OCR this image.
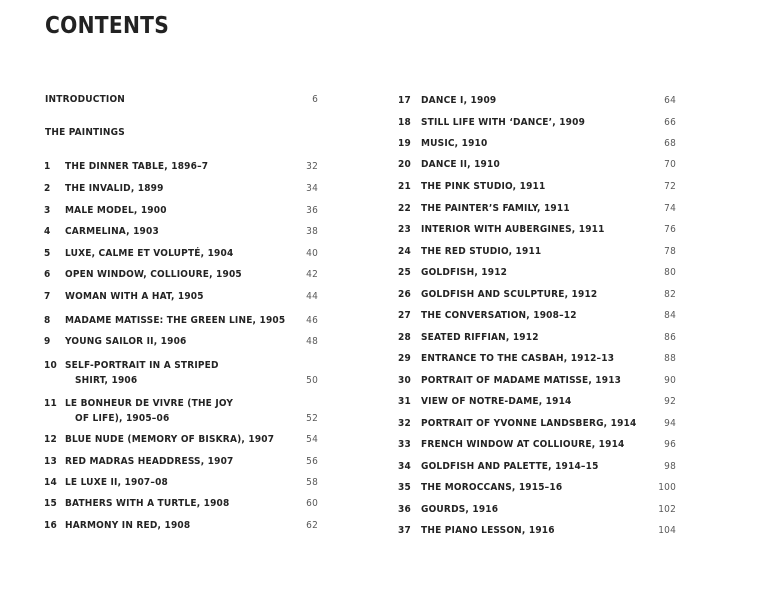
CONTENTS
INTRODUCTION	6
THE PAINTINGS
1	THE DINNER TABLE, 1896–7	32
2	THE INVALID, 1899	34
3	MALE MODEL, 1900	36
4	CARMELINA, 1903	38
5	LUXE, CALME ET VOLUPTÉ, 1904	40
6	OPEN WINDOW, COLLIOURE, 1905	42
7	WOMAN WITH A HAT, 1905	44
8	MADAME MATISSE: THE GREEN LINE, 1905	46
9	YOUNG SAILOR II, 1906	48
10 SELF-PORTRAIT IN A STRIPED
SHIRT, 1906	50
11 LE BONHEUR DE VIVRE (THE JOY
OF LIFE), 1905–06	52
12 BLUE NUDE (MEMORY OF BISKRA), 1907	54
13 RED MADRAS HEADDRESS, 1907	56
14 LE LUXE II, 1907–08	58
15 BATHERS WITH A TURTLE, 1908	60
16 HARMONY IN RED, 1908	62
17	DANCE I, 1909	64
18	STILL LIFE WITH ‘DANCE’, 1909	66
19	MUSIC, 1910	68
20	DANCE II, 1910	70
21	THE PINK STUDIO, 1911	72
22	THE PAINTER’S FAMILY, 1911	74
23	INTERIOR WITH AUBERGINES, 1911	76
24	THE RED STUDIO, 1911	78
25	GOLDFISH, 1912	80
26	GOLDFISH AND SCULPTURE, 1912	82
27	THE CONVERSATION, 1908–12	84
28	SEATED RIFFIAN, 1912	86
29	ENTRANCE TO THE CASBAH, 1912–13	88
30	PORTRAIT OF MADAME MATISSE, 1913	90
31	VIEW OF NOTRE-DAME, 1914	92
32	PORTRAIT OF YVONNE LANDSBERG, 1914	94
33	FRENCH WINDOW AT COLLIOURE, 1914	96
34	GOLDFISH AND PALETTE, 1914–15	98
35	THE MOROCCANS, 1915–16	100
36	GOURDS, 1916	102
37	THE PIANO LESSON, 1916	104
